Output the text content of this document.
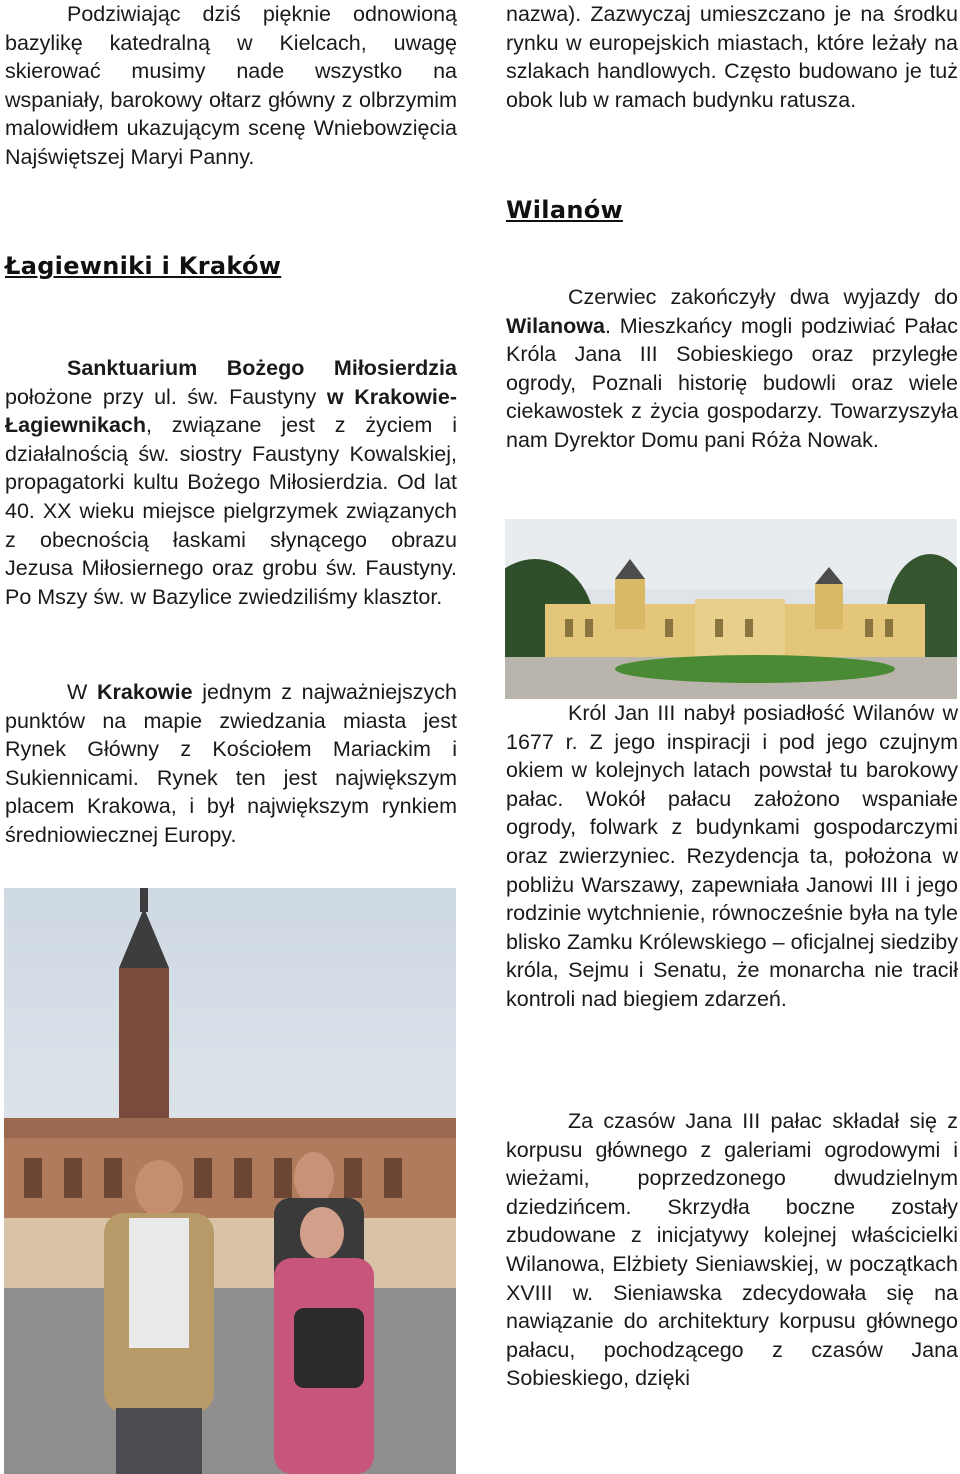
Podziwiając dziś pięknie odnowioną bazylikę katedralną w Kielcach, uwagę skierować musimy nade wszystko na wspaniały, barokowy ołtarz główny z olbrzymim malowidłem ukazującym scenę Wniebowzięcia Najświętszej Maryi Panny.

Łagiewniki i Kraków

Sanktuarium Bożego Miłosierdzia położone przy ul. św. Faustyny w Krakowie-Łagiewnikach, związane jest z życiem i działalnością św. siostry Faustyny Kowalskiej, propagatorki kultu Bożego Miłosierdzia. Od lat 40. XX wieku miejsce pielgrzymek związanych z obecnością łaskami słynącego obrazu Jezusa Miłosiernego oraz grobu św. Faustyny. Po Mszy św. w Bazylice zwiedziliśmy klasztor.

W Krakowie jednym z najważniejszych punktów na mapie zwiedzania miasta jest Rynek Główny z Kościołem Mariackim i Sukiennicami. Rynek ten jest największym placem Krakowa, i był największym rynkiem średniowiecznej Europy.

nazwa). Zazwyczaj umieszczano je na środku rynku w europejskich miastach, które leżały na szlakach handlowych. Często budowano je tuż obok lub w ramach budynku ratusza.

Wilanów

Czerwiec zakończyły dwa wyjazdy do Wilanowa. Mieszkańcy mogli podziwiać Pałac Króla Jana III Sobieskiego oraz przyległe ogrody, Poznali historię budowli oraz wiele ciekawostek z życia gospodarzy. Towarzyszyła nam Dyrektor Domu pani Róża Nowak.

Król Jan III nabył posiadłość Wilanów w 1677 r. Z jego inspiracji i pod jego czujnym okiem w kolejnych latach powstał tu barokowy pałac. Wokół pałacu założono wspaniałe ogrody, folwark z budynkami gospodarczymi oraz zwierzyniec. Rezydencja ta, położona w pobliżu Warszawy, zapewniała Janowi III i jego rodzinie wytchnienie, równocześnie była na tyle blisko Zamku Królewskiego – oficjalnej siedziby króla, Sejmu i Senatu, że monarcha nie tracił kontroli nad biegiem zdarzeń.

Za czasów Jana III pałac składał się z korpusu głównego z galeriami ogrodowymi i wieżami, poprzedzonego dwudzielnym dziedzińcem. Skrzydła boczne zostały zbudowane z inicjatywy kolejnej właścicielki Wilanowa, Elżbiety Sieniawskiej, w początkach XVIII w. Sieniawska zdecydowała się na nawiązanie do architektury korpusu głównego pałacu, pochodzącego z czasów Jana Sobieskiego, dzięki
